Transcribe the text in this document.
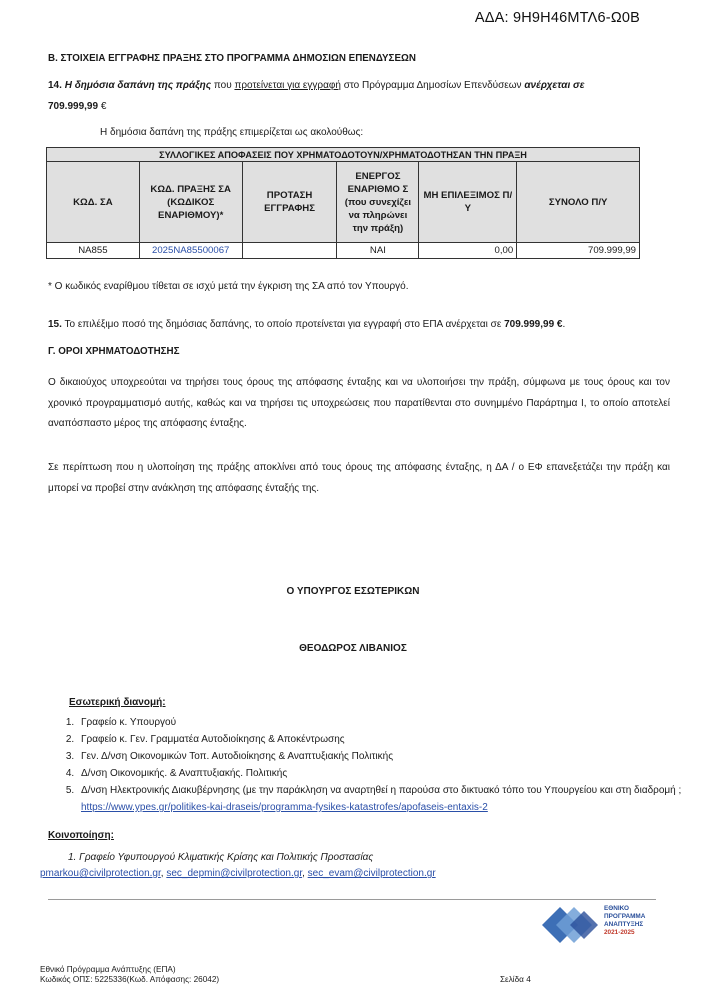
ΑΔΑ: 9Η9Η46ΜΤΛ6-Ω0Β
Β. ΣΤΟΙΧΕΙΑ ΕΓΓΡΑΦΗΣ ΠΡΑΞΗΣ ΣΤΟ ΠΡΟΓΡΑΜΜΑ ΔΗΜΟΣΙΩΝ ΕΠΕΝΔΥΣΕΩΝ
14. Η δημόσια δαπάνη της πράξης που προτείνεται για εγγραφή στο Πρόγραμμα Δημοσίων Επενδύσεων ανέρχεται σε
709.999,99 €
Η δημόσια δαπάνη της πράξης επιμερίζεται ως ακολούθως:
ΣΥΛΛΟΓΙΚΕΣ ΑΠΟΦΑΣΕΙΣ ΠΟΥ ΧΡΗΜΑΤΟΔΟΤΟΥΝ/ΧΡΗΜΑΤΟΔΟΤΗΣΑΝ ΤΗΝ ΠΡΑΞΗ					
ΚΩΔ. ΣΑ	ΚΩΔ. ΠΡΑΞΗΣ ΣΑ (ΚΩΔΙΚΟΣ ΕΝΑΡΙΘΜΟΥ)*	ΠΡΟΤΑΣΗ ΕΓΓΡΑΦΗΣ	ΕΝΕΡΓΟΣ ΕΝΑΡΙΘΜΟ Σ (που συνεχίζει να πληρώνει την πράξη)	ΜΗ ΕΠΙΛΕΞΙΜΟΣ Π/Υ	ΣΥΝΟΛΟ Π/Υ
ΝΑ855	2025ΝΑ85500067		ΝΑΙ	0,00	709.999,99
* Ο κωδικός εναρίθμου τίθεται σε ισχύ μετά την έγκριση της ΣΑ από τον Υπουργό.
15. Το επιλέξιμο ποσό της δημόσιας δαπάνης, το οποίο προτείνεται για εγγραφή στο ΕΠΑ ανέρχεται σε 709.999,99 €.
Γ. ΟΡΟΙ ΧΡΗΜΑΤΟΔΟΤΗΣΗΣ
Ο δικαιούχος υποχρεούται να τηρήσει τους όρους της απόφασης ένταξης και να υλοποιήσει την πράξη, σύμφωνα με τους όρους και τον χρονικό προγραμματισμό αυτής, καθώς και να τηρήσει τις υποχρεώσεις που παρατίθενται στο συνημμένο Παράρτημα Ι, το οποίο αποτελεί αναπόσπαστο μέρος της απόφασης ένταξης.
Σε περίπτωση που η υλοποίηση της πράξης αποκλίνει από τους όρους της απόφασης ένταξης, η ΔΑ / ο ΕΦ επανεξετάζει την πράξη και μπορεί να προβεί στην ανάκληση της απόφασης ένταξής της.
Ο ΥΠΟΥΡΓΟΣ ΕΣΩΤΕΡΙΚΩΝ
ΘΕΟΔΩΡΟΣ ΛΙΒΑΝΙΟΣ
Εσωτερική διανομή:
1. Γραφείο κ. Υπουργού
2. Γραφείο κ. Γεν. Γραμματέα Αυτοδιοίκησης & Αποκέντρωσης
3. Γεν. Δ/νση Οικονομικών Τοπ. Αυτοδιοίκησης & Αναπτυξιακής Πολιτικής
4. Δ/νση Οικονομικής. & Αναπτυξιακής. Πολιτικής
5. Δ/νση Ηλεκτρονικής Διακυβέρνησης (με την παράκληση να αναρτηθεί η παρούσα στο δικτυακό τόπο του Υπουργείου και στη διαδρομή ; https://www.ypes.gr/politikes-kai-draseis/programma-fysikes-katastrofes/apofaseis-entaxis-2
Κοινοποίηση:
1. Γραφείο Υφυπουργού Κλιματικής Κρίσης και Πολιτικής Προστασίας
pmarkou@civilprotection.gr, sec_depmin@civilprotection.gr, sec_evam@civilprotection.gr
ΕΘΝΙΚΟ
ΠΡΟΓΡΑΜΜΑ
ΑΝΑΠΤΥΞΗΣ
2021-2025
Εθνικό Πρόγραμμα Ανάπτυξης (ΕΠΑ)
Κωδικός ΟΠΣ: 5225336(Κωδ. Απόφασης: 26042)	Σελίδα 4
